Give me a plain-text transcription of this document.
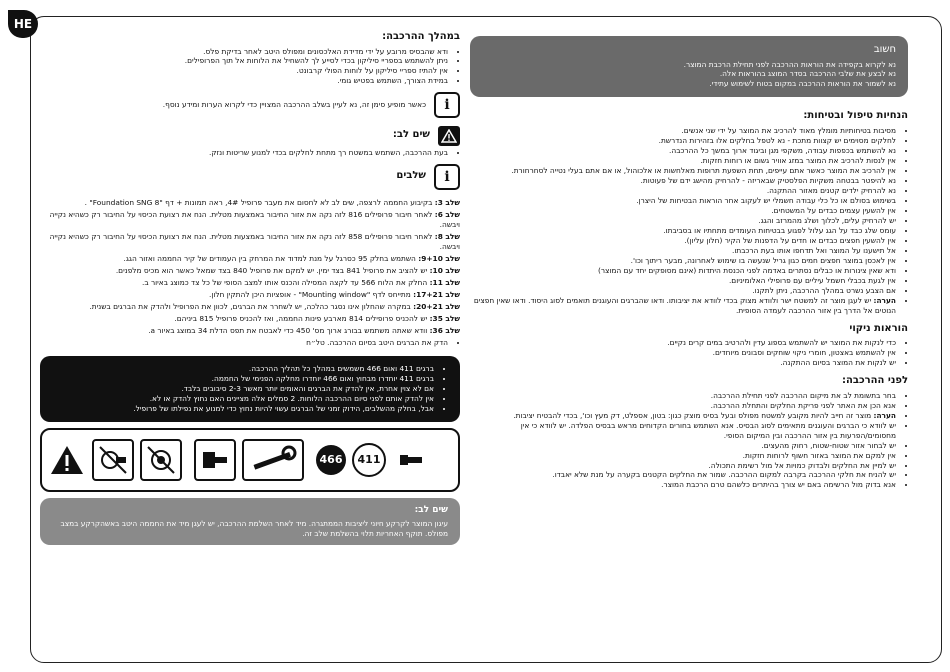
HE
חשוב

נא לקרוא בקפידה את הוראות ההרכבה לפני תחילת הרכבת המוצר.

נא לבצע את שלבי ההרכבה בסדר המוצג בהוראות אלה.

נא לשמור את הוראות ההרכבה במקום בטוח לשימוש עתידי.

הנחיות טיפול ובטיחות:
• מסיבות בטיחותיות מומלץ מאוד להרכיב את המוצר על ידי שני אנשים.
• לחלקים מסוימים יש קצוות מתכת - נא לטפל בחלקים אלו בזהירות הנדרשת.
• נא להשתמש בכפפות עבודה, משקפי מגן וביגוד ארוך במשך כל ההרכבה.
• אין לנסות להרכיב את המוצר במזג אוויר גשום או רוחות חזקות.
• אין להרכיב את המוצר כאשר אתם עייפים, תחת השפעת תרופות מאלחשות או אלכוהול, או אם אתם בעלי נטייה לסחרחורת.
• נא להיפטר בבטחה משקיות הפלסטיק שבאריזה - להרחיק מהישג ידם של פעוטות.
• נא להרחיק ילדים קטנים מאזור ההתקנה.
• בשימוש בסולם או כל כלי עבודה חשמלי יש לעקוב אחר הוראות הבטיחות של היצרן.
• אין להשעין עצמים כבדים על המשטחים.
• יש להרחיק עלים, לכלוך ושלג מהמרזב והגג.
• עומס שלג כבד על הגג עלול לפגוע בבטיחות העומדים מתחתיו או בסביבתו.
• אין להשעין חפצים כבדים או חדים על הדפנות של הקיר (חלון עליון).
• אל תישענו על המוצר ואל תדחפו אותו בעת הרכבתו.
• אין לאכסן במוצר חפצים חמים כגון גריל שנעשה בו שימוש לאחרונה, מבער ריתוך וכו'.
• ודא שאין צינורות או כבלים נסתרים באדמה לפני הכנסת היתדות (אינם מסופקים יחד עם המוצר)
• אין לגעת בכבלי חשמל עיליים עם פרופילי האלומיניום.
• אם הצבע נשרט במהלך ההרכבה, ניתן לתקנו.
• הערה: יש לעגן מוצר זה למשטח ישר ולוודא מצוק בכדי לוודא את יציבותו. ודאו שהברגים והעוגנים תואמים לסוג היסוד. ודאו שאין חפצים הנוטים אל הדרך בין אזור ההרכבה לעמדה הסופית.
הוראות ניקוי
• כדי לנקות את המוצר יש להשתמש בספוג עדין ולהרטיב במים קרים נקיים.
• אין להשתמש באצטון, חומרי ניקוי שוחקים וסבונים מיוחדים.
• יש לנקות את המוצר בסיום ההתקנה.
לפני ההרכבה:
• בחר בתשומת לב את מיקום ההרכבה לפני תחילת ההרכבה.
• אנא הכן את האתר לפני פריקת החלקים והתחלת ההרכבה.
• הערה: מוצר זה חייב להיות מקובע למשטח מפולס ובעל בסיס מוצק כגון: בטון, אספלט, דק מעץ וכו', בכדי להבטיח יציבות.
• יש לוודא כי הברגים והעוגנים מתאימים לסוג הבסיס. אנא השתמש בחורים הקדוחים מראש בבסיס הפלדה. יש לוודא כי אין מחסומים/הפרעות בין אזור ההרכבה ובין המיקום הסופי.
• יש לבחור אזור שטוח-שטוח, רחוק מהעצים.
• אין למקם את המוצר באזור חשוף לרוחות חזקות.
• יש למיין את החלקים ולבדוק כמויות אל מול רשימת התכולה.
• יש להניח את חלקי ההרכבה בקרבה למקום ההרכבה. שמור את החלקים הקטנים בקערה על מנת שלא יאבדו.
• אנא בדוק מול הרשימה באם יש צורך בהיתרים כלשהם טרם הרכבת המוצר.
במהלך ההרכבה:
• ודא שהבסיס מרובע על ידי מדידת האלכסונים ומפולס היטב לאחר בדיקת פלס.
• ניתן להשתמש בספריי סיליקון בכדי לסייע לך להשחיל את הלוחות אל תוך הפרופילים.
• אין להתיז ספריי סיליקון על לוחות הפולי קרבונט.
• במידת הצורך, השתמש בפטיש גומי.
i
כאשר מופיע סימן זה, נא לעיין בשלב ההרכבה המצויין כדי לקרוא הערות ומידע נוסף.
שים לב:
• בעת ההרכבה, השתמש במשטח רך מתחת לחלקים בכדי למנוע שריטות ונזק.
i
שלבים

שלב 3: בקיבוע החממה לרצפה, שים לב לא לחסום את מעבר פרופיל 4#, ראה תמונות + דף "Foundation SNG 8" .

שלב 6: לאחר חיבור פרופילים 816 לזה נקה את אזור החיבור באמצעות מטלית. הנח את רצועת הכיסוי על החיבור רק כשהיא נקייה ויבשה.

שלב 8: לאחר חיבור פרופילים 858 לזה נקה את אזור החיבור באמצעות מטלית. הנח את רצועת הכיסוי על החיבור רק כשהיא נקייה ויבשה.

שלב 9+10: השתמש בחלק 95 כסרגל על מנת למדוד את המרחק בין העמודים של קיר החממה ואזור הגג.

שלב 10: יש להציב את פרופיל 841 בצד ימין. יש למקם את פרופיל 840 בצד שמאל כאשר הוא מכיס מלפנים.

שלב 11: החלק את הלוח 566 עד לקצה המסילה והכנס אותו למצב הסופי של כל צד כמוצג באיור ב.

שלב 17+21: מתייחס לדף "Mounting window" - אופציות היכן להתקין חלון.

שלב 20+21: במקרה שהחלון אינו נסגר כהלכה, יש לשחרר את הברגים, לכוון את הפרופיל ולהדק את הברגים בשנית.

שלב 35: יש להכניס פרופילים 814 מארבע פינות החממה, ואז להכניס פרופיל 815 ביניהם.

שלב 36: וודא שאתה משתמש בבורג ארוך מס' 450 כדי לאבטח את תפס הדלת 34 במוצג באיור a.

• הדק את הברגים היטב בסיום ההרכבה. טל״ח
• ברגים 411 ואום 466 משמשים במהלך כל תהליך ההרכבה.
• ברגים 411 יוחדרו מבחוץ ואום 466 יוחדרו מחלקה הפנימי של החממה.
• אם לא צוין אחרת, אין להדק את הברגים והאומים יותר מאשר 2-3 סיבובים בלבד.
• אין להדק אותם לפני סיום ההרכבה הלוחות. 2 סמלים אלה מציינים האם נחוץ להדק או לא.
• אבל, בחלק מהשלבים, הידוק זמני של הברגים עשוי להיות נחוץ כדי למנוע את נפילתו של פרופיל.
466	411
שים לב:

עיגון המוצר לקרקע חיוני ליציבות הממתגרה. מיד לאחר השלמת ההרכבה, יש לעגן מיד את החממה היטב באשהקרקע במצב מפולס. תוקף האחריות תלוי בהשלמת שלב זה.
